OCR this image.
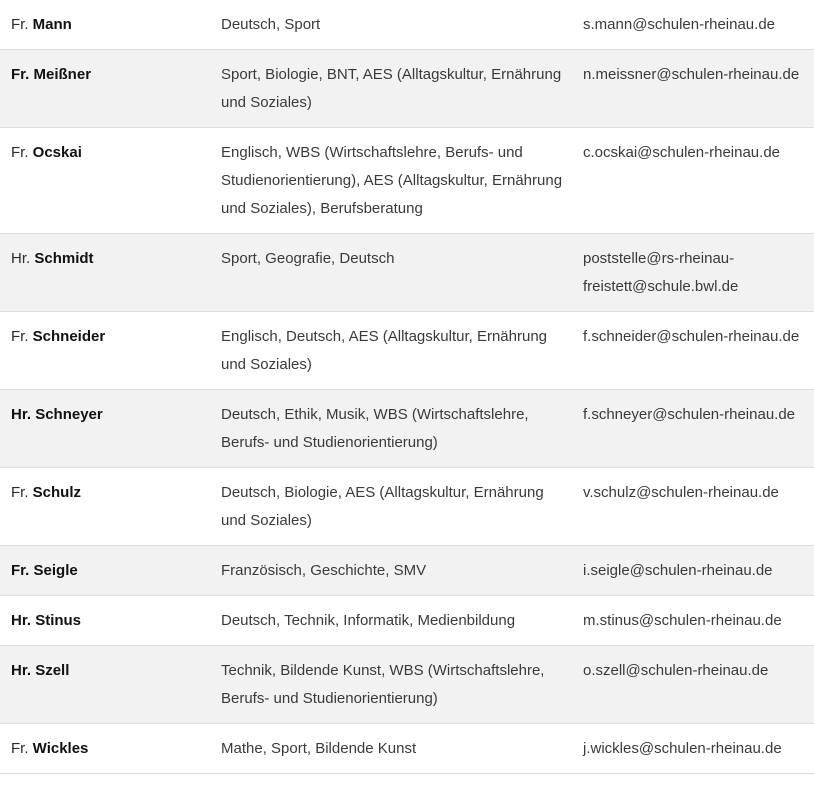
Fr. Mann	Deutsch, Sport	s.mann@schulen-rheinau.de
Fr. Meißner	Sport, Biologie, BNT, AES (Alltagskultur, Ernährung und Soziales)	n.meissner@schulen-rheinau.de
Fr. Ocskai	Englisch, WBS (Wirtschaftslehre, Berufs- und Studienorientierung), AES (Alltagskultur, Ernährung und Soziales), Berufsberatung	c.ocskai@schulen-rheinau.de
Hr. Schmidt	Sport, Geografie, Deutsch	poststelle@rs-rheinau-freistett@schule.bwl.de
Fr. Schneider	Englisch, Deutsch, AES (Alltagskultur, Ernährung und Soziales)	f.schneider@schulen-rheinau.de
Hr. Schneyer	Deutsch, Ethik, Musik, WBS (Wirtschaftslehre, Berufs- und Studienorientierung)	f.schneyer@schulen-rheinau.de
Fr. Schulz	Deutsch, Biologie, AES (Alltagskultur, Ernährung und Soziales)	v.schulz@schulen-rheinau.de
Fr. Seigle	Französisch, Geschichte, SMV	i.seigle@schulen-rheinau.de
Hr. Stinus	Deutsch, Technik, Informatik, Medienbildung	m.stinus@schulen-rheinau.de
Hr. Szell	Technik, Bildende Kunst, WBS (Wirtschaftslehre, Berufs- und Studienorientierung)	o.szell@schulen-rheinau.de
Fr. Wickles	Mathe, Sport, Bildende Kunst	j.wickles@schulen-rheinau.de
